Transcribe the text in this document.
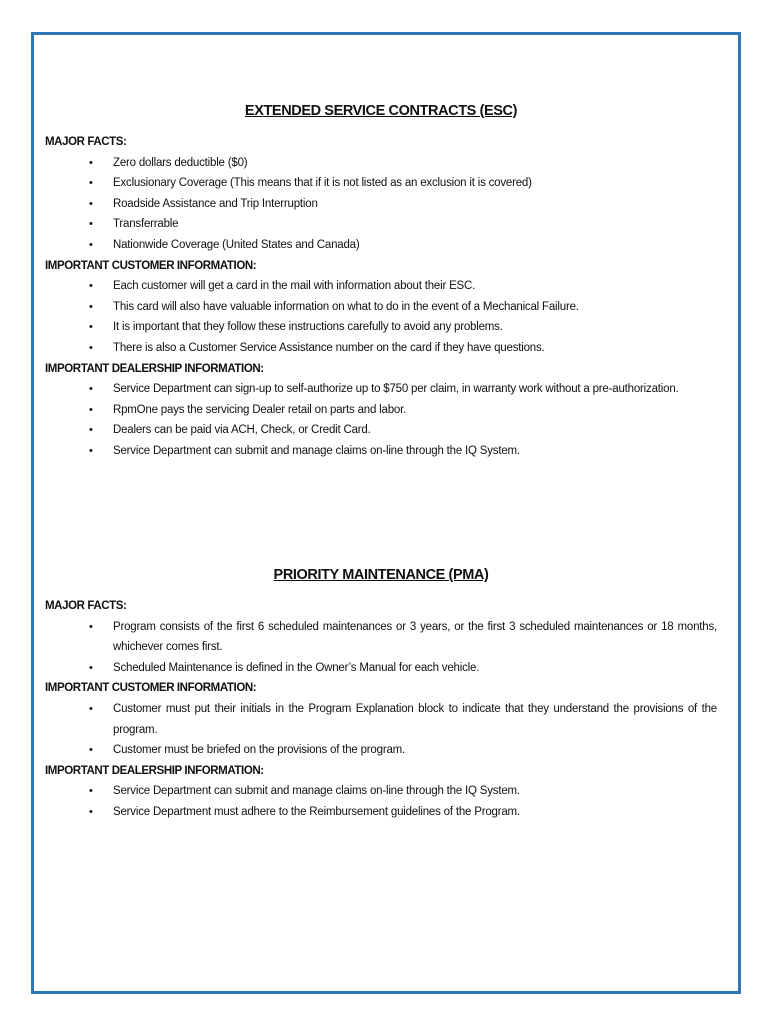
EXTENDED SERVICE CONTRACTS (ESC)

MAJOR FACTS:

• Zero dollars deductible ($0)
• Exclusionary Coverage (This means that if it is not listed as an exclusion it is covered)
• Roadside Assistance and Trip Interruption
• Transferrable
• Nationwide Coverage (United States and Canada)

IMPORTANT CUSTOMER INFORMATION:

• Each customer will get a card in the mail with information about their ESC.
• This card will also have valuable information on what to do in the event of a Mechanical Failure.
• It is important that they follow these instructions carefully to avoid any problems.
• There is also a Customer Service Assistance number on the card if they have questions.

IMPORTANT DEALERSHIP INFORMATION:

• Service Department can sign-up to self-authorize up to $750 per claim, in warranty work without a pre-authorization.
• RpmOne pays the servicing Dealer retail on parts and labor.
• Dealers can be paid via ACH, Check, or Credit Card.
• Service Department can submit and manage claims on-line through the IQ System.

PRIORITY MAINTENANCE (PMA)

MAJOR FACTS:

• Program consists of the first 6 scheduled maintenances or 3 years, or the first 3 scheduled maintenances or 18 months, whichever comes first.
• Scheduled Maintenance is defined in the Owner’s Manual for each vehicle.

IMPORTANT CUSTOMER INFORMATION:

• Customer must put their initials in the Program Explanation block to indicate that they understand the provisions of the program.
• Customer must be briefed on the provisions of the program.

IMPORTANT DEALERSHIP INFORMATION:

• Service Department can submit and manage claims on-line through the IQ System.
• Service Department must adhere to the Reimbursement guidelines of the Program.
